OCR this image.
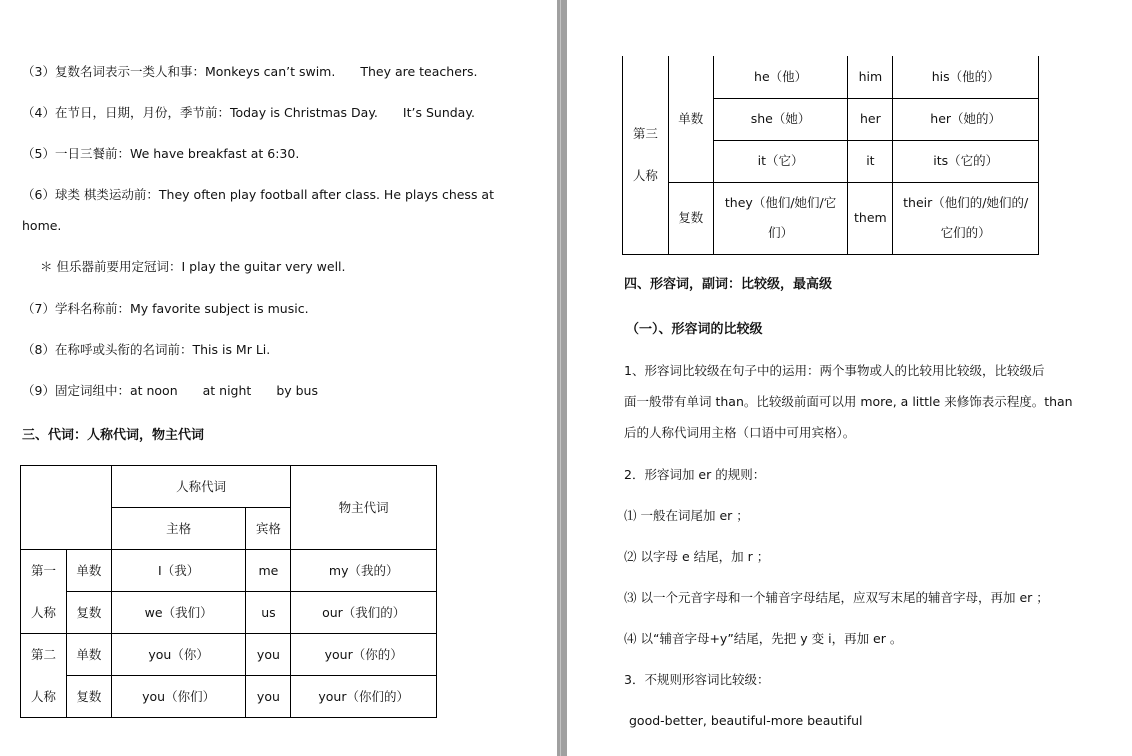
（3）复数名词表示一类人和事：Monkeys can’t swim.　　They are teachers.
（4）在节日，日期，月份，季节前：Today is Christmas Day.　　It’s Sunday.
（5）一日三餐前：We have breakfast at 6:30.
（6）球类 棋类运动前：They often play football after class. He plays chess at
home.
＊ 但乐器前要用定冠词：I play the guitar very well.
（7）学科名称前：My favorite subject is music.
（8）在称呼或头衔的名词前：This is Mr Li.
（9）固定词组中：at noon　　at night　　by bus
三、代词：人称代词，物主代词
		人称代词		物主代词
		主格	宾格	

第一
人称	单数	I（我）	me	my（我的）
	复数	we（我们）	us	our（我们的）

第二
人称	单数	you（你）	you	your（你的）
	复数	you（你们）	you	your（你们的）
第三
人称	单数	he（他）	him	his（他的）
		she（她）	her	her（她的）
		it（它）	it	its（它的）
	复数	they（他们/她们/它
们）	them	their（他们的/她们的/
它们的）
四、形容词，副词：比较级，最高级
（一）、形容词的比较级
1、形容词比较级在句子中的运用：两个事物或人的比较用比较级，比较级后
面一般带有单词 than。比较级前面可以用 more, a little 来修饰表示程度。than
后的人称代词用主格（口语中可用宾格）。
2．形容词加 er 的规则：
⑴ 一般在词尾加 er ；
⑵ 以字母 e 结尾，加 r ；
⑶ 以一个元音字母和一个辅音字母结尾，应双写末尾的辅音字母，再加 er ；
⑷ 以“辅音字母+y”结尾，先把 y 变 i，再加 er 。
3．不规则形容词比较级：
good-better, beautiful-more beautiful
